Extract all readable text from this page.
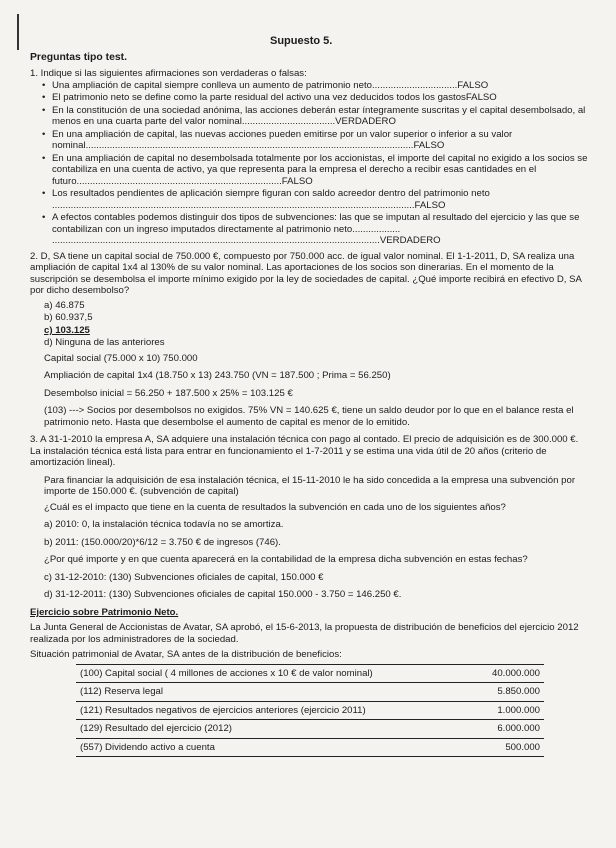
Supuesto 5.
Preguntas tipo test.
1. Indique si las siguientes afirmaciones son verdaderas o falsas:
• Una ampliación de capital siempre conlleva un aumento de patrimonio neto................................FALSO
• El patrimonio neto se define como la parte residual del activo una vez deducidos todos los gastosFALSO
• En la constitución de una sociedad anónima, las acciones deberán estar íntegramente suscritas y el capital desembolsado, al menos en una cuarta parte del valor nominal...................................VERDADERO
• En una ampliación de capital, las nuevas acciones pueden emitirse por un valor superior o inferior a su valor nominal...........................................................................................................................FALSO
• En una ampliación de capital no desembolsada totalmente por los accionistas, el importe del capital no exigido a los socios se contabiliza en una cuenta de activo, ya que representa para la empresa el derecho a recibir esas cantidades en el futuro.............................................................................FALSO
• Los resultados pendientes de aplicación siempre figuran con saldo acreedor dentro del patrimonio neto ........................................................................................................................................FALSO
• A efectos contables podemos distinguir dos tipos de subvenciones: las que se imputan al resultado del ejercicio y las que se contabilizan con un ingreso imputados directamente al patrimonio neto.................. ...........................................................................................................................VERDADERO
2. D, SA tiene un capital social de 750.000 €, compuesto por 750.000 acc. de igual valor nominal. El 1-1-2011, D, SA realiza una ampliación de capital 1x4 al 130% de su valor nominal. Las aportaciones de los socios son dinerarias. En el momento de la suscripción se desembolsa el importe mínimo exigido por la ley de sociedades de capital. ¿Qué importe recibirá en efectivo D, SA por dicho desembolso?
a) 46.875
b) 60.937,5
c) 103.125
d) Ninguna de las anteriores
Capital social (75.000 x 10) 750.000
Ampliación de capital 1x4 (18.750 x 13) 243.750 (VN = 187.500 ; Prima = 56.250)
Desembolso inicial = 56.250 + 187.500 x 25% = 103.125 €
(103) ---> Socios por desembolsos no exigidos. 75% VN = 140.625 €, tiene un saldo deudor por lo que en el balance resta el patrimonio neto. Hasta que desembolse el aumento de capital es menor de lo emitido.
3. A 31-1-2010 la empresa A, SA adquiere una instalación técnica con pago al contado. El precio de adquisición es de 300.000 €. La instalación técnica está lista para entrar en funcionamiento el 1-7-2011 y se estima una vida útil de 20 años (criterio de amortización lineal).
Para financiar la adquisición de esa instalación técnica, el 15-11-2010 le ha sido concedida a la empresa una subvención por importe de 150.000 €. (subvención de capital)
¿Cuál es el impacto que tiene en la cuenta de resultados la subvención en cada uno de los siguientes años?
a) 2010: 0, la instalación técnica todavía no se amortiza.
b) 2011: (150.000/20)*6/12 = 3.750 € de ingresos (746).
¿Por qué importe y en que cuenta aparecerá en la contabilidad de la empresa dicha subvención en estas fechas?
c) 31-12-2010: (130) Subvenciones oficiales de capital, 150.000 €
d) 31-12-2011: (130) Subvenciones oficiales de capital 150.000 - 3.750 = 146.250 €.
Ejercicio sobre Patrimonio Neto.
La Junta General de Accionistas de Avatar, SA aprobó, el 15-6-2013, la propuesta de distribución de beneficios del ejercicio 2012 realizada por los administradores de la sociedad.
Situación patrimonial de Avatar, SA antes de la distribución de beneficios:
(100) Capital social ( 4 millones de acciones x 10 € de valor nominal)	40.000.000
(112) Reserva legal	5.850.000
(121) Resultados negativos de ejercicios anteriores (ejercicio 2011)	1.000.000
(129) Resultado del ejercicio (2012)	6.000.000
(557) Dividendo activo a cuenta	500.000
